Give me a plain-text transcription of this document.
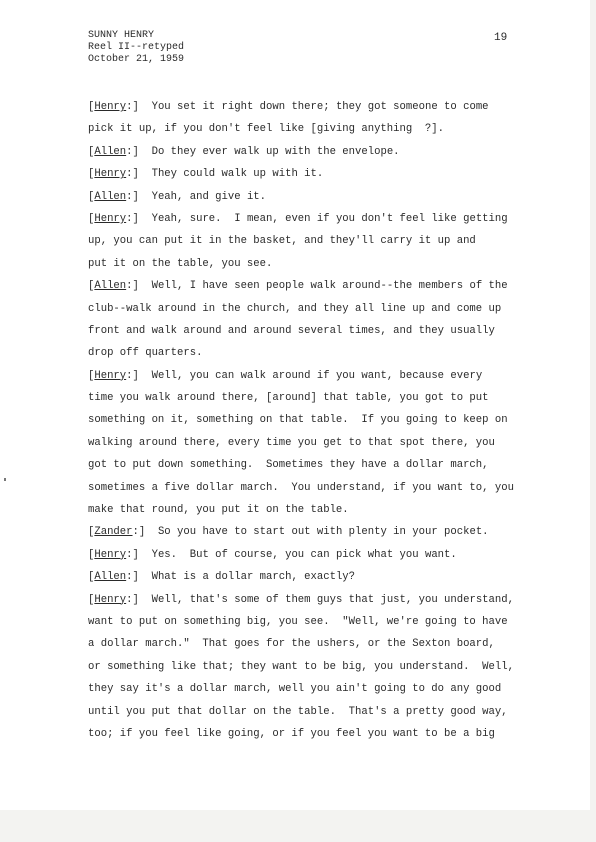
SUNNY HENRY
Reel II--retyped
October 21, 1959
19
[Henry:]  You set it right down there; they got someone to come
pick it up, if you don't feel like [giving anything  ?].
[Allen:]  Do they ever walk up with the envelope.
[Henry:]  They could walk up with it.
[Allen:]  Yeah, and give it.
[Henry:]  Yeah, sure.  I mean, even if you don't feel like getting
up, you can put it in the basket, and they'll carry it up and
put it on the table, you see.
[Allen:]  Well, I have seen people walk around--the members of the
club--walk around in the church, and they all line up and come up
front and walk around and around several times, and they usually
drop off quarters.
[Henry:]  Well, you can walk around if you want, because every
time you walk around there, [around] that table, you got to put
something on it, something on that table.  If you going to keep on
walking around there, every time you get to that spot there, you
got to put down something.  Sometimes they have a dollar march,
sometimes a five dollar march.  You understand, if you want to, you
make that round, you put it on the table.
[Zander:]  So you have to start out with plenty in your pocket.
[Henry:]  Yes.  But of course, you can pick what you want.
[Allen:]  What is a dollar march, exactly?
[Henry:]  Well, that's some of them guys that just, you understand,
want to put on something big, you see.  "Well, we're going to have
a dollar march."  That goes for the ushers, or the Sexton board,
or something like that; they want to be big, you understand.  Well,
they say it's a dollar march, well you ain't going to do any good
until you put that dollar on the table.  That's a pretty good way,
too; if you feel like going, or if you feel you want to be a big
